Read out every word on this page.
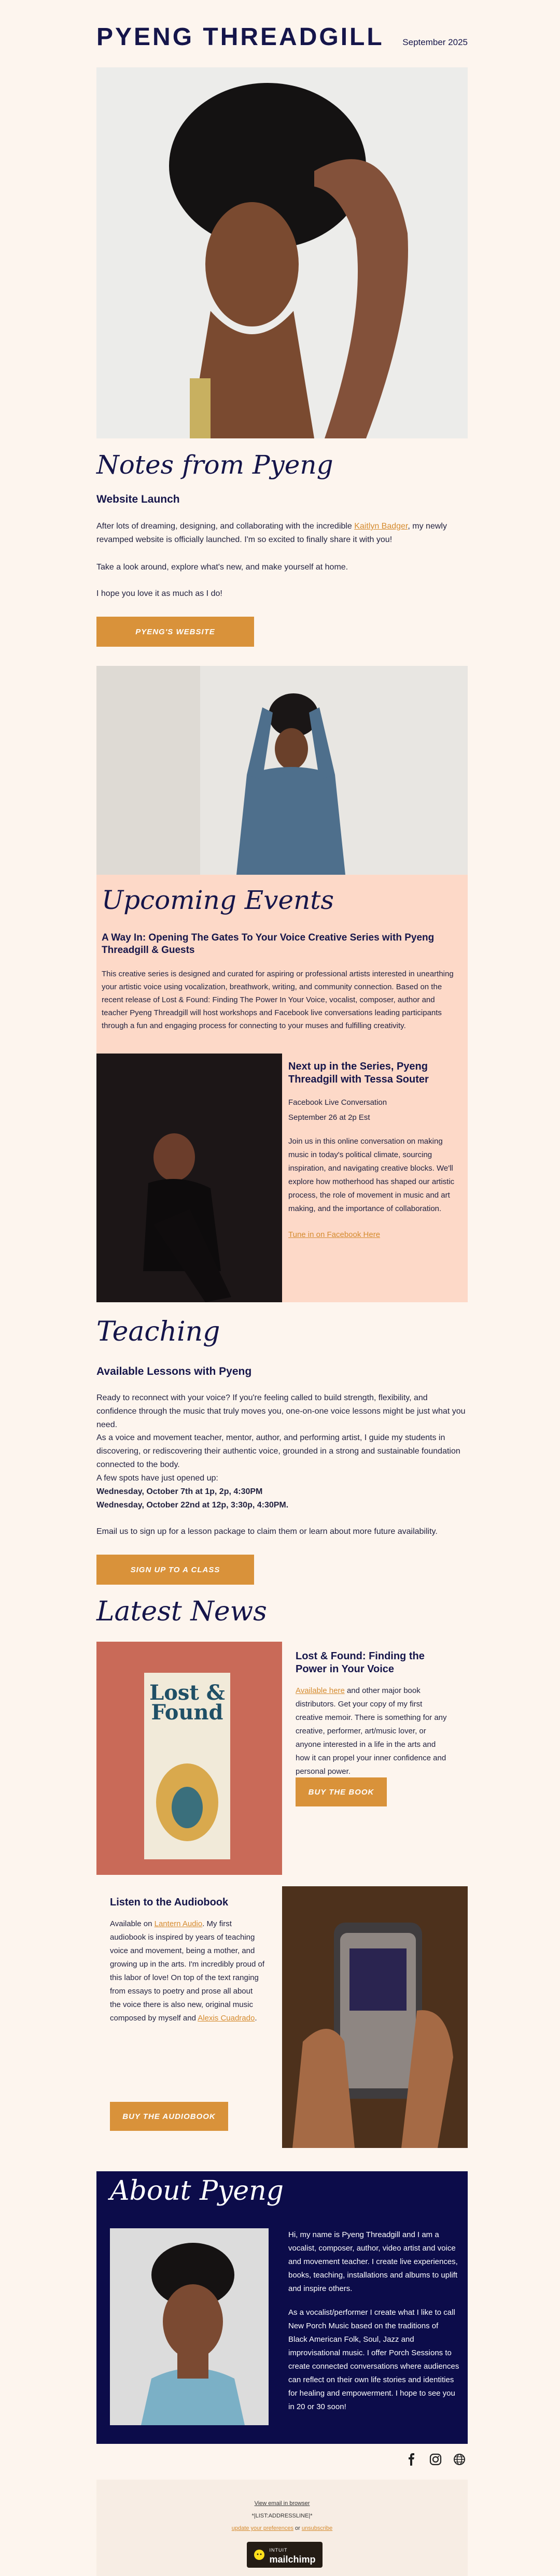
PYENG THREADGILL September 2025
Notes from Pyeng
Website Launch
After lots of dreaming, designing, and collaborating with the incredible Kaitlyn Badger, my newly revamped website is officially launched. I'm so excited to finally share it with you!
Take a look around, explore what's new, and make yourself at home.
I hope you love it as much as I do!
PYENG'S WEBSITE
Upcoming Events
A Way In: Opening The Gates To Your Voice Creative Series with Pyeng Threadgill & Guests
This creative series is designed and curated for aspiring or professional artists interested in unearthing your artistic voice using vocalization, breathwork, writing, and community connection. Based on the recent release of Lost & Found: Finding The Power In Your Voice, vocalist, composer, author and teacher Pyeng Threadgill will host workshops and Facebook live conversations leading participants through a fun and engaging process for connecting to your muses and fulfilling creativity.
Next up in the Series, Pyeng Threadgill with Tessa Souter
Facebook Live Conversation
September 26 at 2p Est
Join us in this online conversation on making music in today's political climate, sourcing inspiration, and navigating creative blocks. We'll explore how motherhood has shaped our artistic process, the role of movement in music and art making, and the importance of collaboration.
Tune in on Facebook Here
Teaching
Available Lessons with Pyeng
Ready to reconnect with your voice? If you're feeling called to build strength, flexibility, and confidence through the music that truly moves you, one-on-one voice lessons might be just what you need.
As a voice and movement teacher, mentor, author, and performing artist, I guide my students in discovering, or rediscovering their authentic voice, grounded in a strong and sustainable foundation connected to the body.
A few spots have just opened up:
Wednesday, October 7th at 1p, 2p, 4:30PM
Wednesday, October 22nd at 12p, 3:30p, 4:30PM.
Email us to sign up for a lesson package to claim them or learn about more future availability.
SIGN UP TO A CLASS
Latest News
Lost &
Found
Lost & Found: Finding the Power in Your Voice
Available here and other major book distributors. Get your copy of my first creative memoir. There is something for any creative, performer, art/music lover, or anyone interested in a life in the arts and how it can propel your inner confidence and personal power.
BUY THE BOOK
Listen to the Audiobook
Available on Lantern Audio. My first audiobook is inspired by years of teaching voice and movement, being a mother, and growing up in the arts. I'm incredibly proud of this labor of love! On top of the text ranging from essays to poetry and prose all about the voice there is also new, original music composed by myself and Alexis Cuadrado.
BUY THE AUDIOBOOK
About Pyeng
Hi, my name is Pyeng Threadgill and I am a vocalist, composer, author, video artist and voice and movement teacher. I create live experiences, books, teaching, installations and albums to uplift and inspire others.
As a vocalist/performer I create what I like to call New Porch Music based on the traditions of Black American Folk, Soul, Jazz and improvisational music. I offer Porch Sessions to create connected conversations where audiences can reflect on their own life stories and identities for healing and empowerment. I hope to see you in 20 or 30 soon!
View email in browser
*|LIST:ADDRESSLINE|*
update your preferences or unsubscribe
INTUIT
mailchimp
